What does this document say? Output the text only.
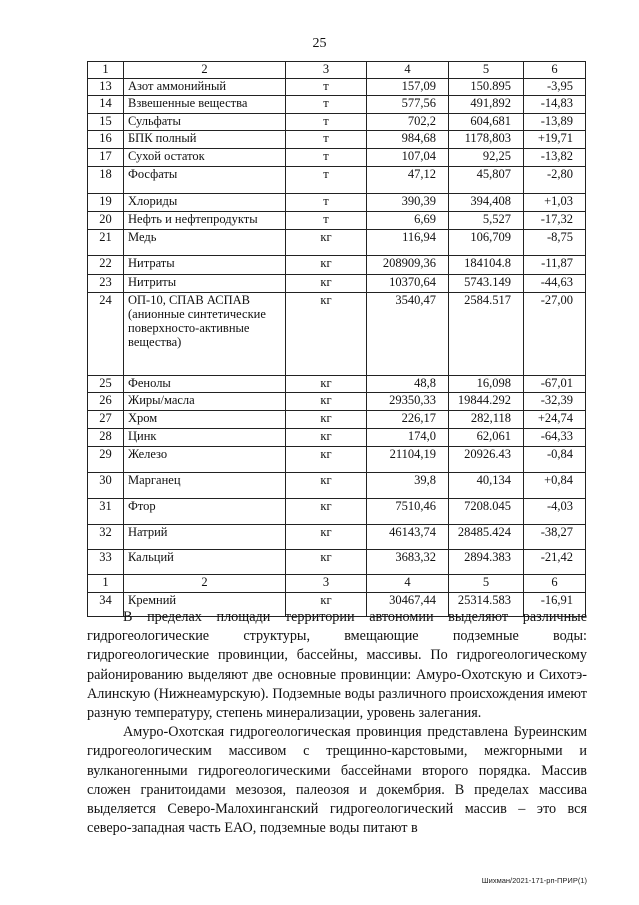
25
1	2	3	4	5	6
13	Азот аммонийный	т	157,09	150.895	-3,95
14	Взвешенные вещества	т	577,56	491,892	-14,83
15	Сульфаты	т	702,2	604,681	-13,89
16	БПК полный	т	984,68	1178,803	+19,71
17	Сухой остаток	т	107,04	92,25	-13,82
18	Фосфаты	т	47,12	45,807	-2,80
19	Хлориды	т	390,39	394,408	+1,03
20	Нефть и нефтепродукты	т	6,69	5,527	-17,32
21	Медь	кг	116,94	106,709	-8,75
22	Нитраты	кг	208909,36	184104.8	-11,87
23	Нитриты	кг	10370,64	5743.149	-44,63
24	ОП-10, СПАВ АСПАВ (анионные синтетические поверхносто-активные вещества)	кг	3540,47	2584.517	-27,00
25	Фенолы	кг	48,8	16,098	-67,01
26	Жиры/масла	кг	29350,33	19844.292	-32,39
27	Хром	кг	226,17	282,118	+24,74
28	Цинк	кг	174,0	62,061	-64,33
29	Железо	кг	21104,19	20926.43	-0,84
30	Марганец	кг	39,8	40,134	+0,84
31	Фтор	кг	7510,46	7208.045	-4,03
32	Натрий	кг	46143,74	28485.424	-38,27
33	Кальций	кг	3683,32	2894.383	-21,42
1	2	3	4	5	6
34	Кремний	кг	30467,44	25314.583	-16,91

В пределах площади территории автономии выделяют различные гидрогеологические структуры, вмещающие подземные воды: гидрогеологические провинции, бассейны, массивы. По гидрогеологическому районированию выделяют две основные провинции: Амуро-Охотскую и Сихотэ-Алинскую (Нижнеамурскую). Подземные воды различного происхождения имеют разную температуру, степень минерализации, уровень залегания.

Амуро-Охотская гидрогеологическая провинция представлена Буреинским гидрогеологическим массивом с трещинно-карстовыми, межгорными и вулканогенными гидрогеологическими бассейнами второго порядка. Массив сложен гранитоидами мезозоя, палеозоя и докембрия. В пределах массива выделяется Северо-Малохинганский гидрогеологический массив – это вся северо-западная часть ЕАО, подземные воды питают в

Шихман/2021-171-рп-ПРИР(1)
